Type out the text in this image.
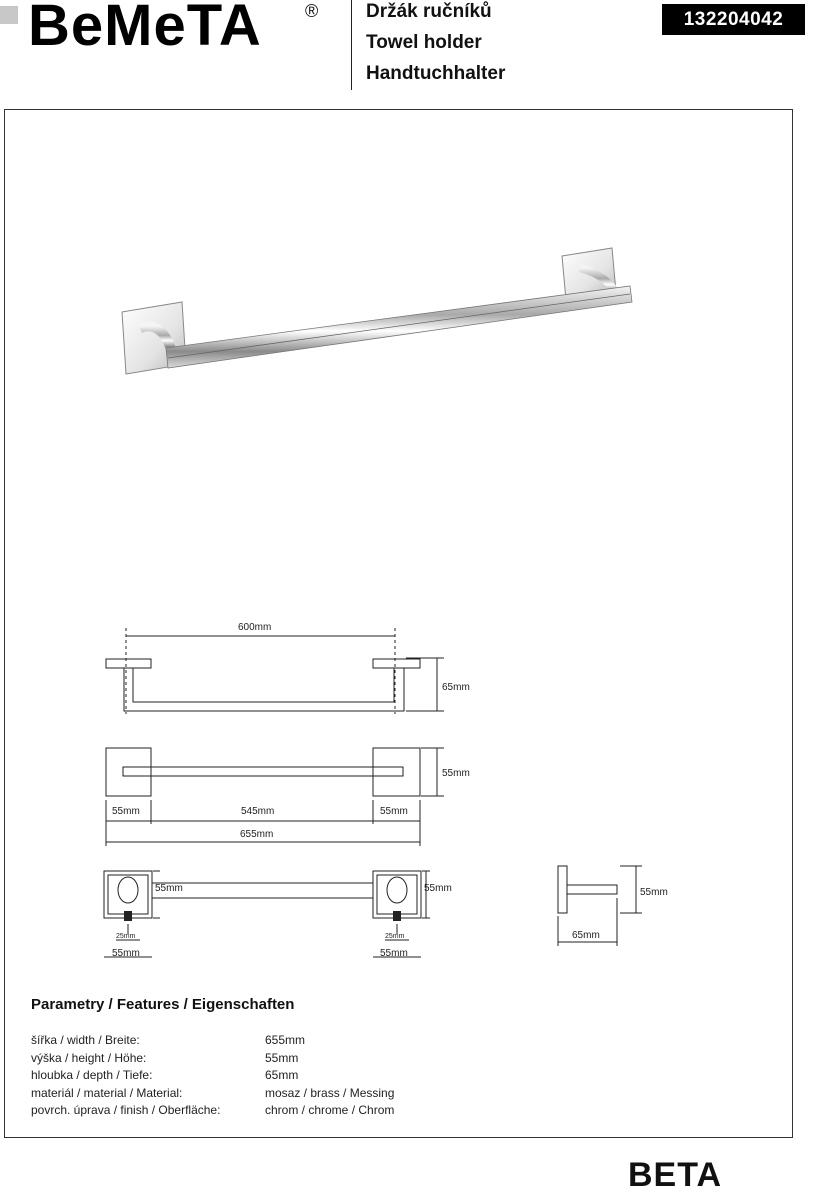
BeMeTA ®	Držák ručníků
Towel holder
Handtuchhalter
132204042
600mm
65mm
55mm
55mm	545mm	55mm
655mm
55mm	55mm
25mm	25mm
55mm	55mm
55mm
65mm
Parametry / Features / Eigenschaften
šířka / width / Breite:	655mm
výška / height / Höhe:	55mm
hloubka / depth / Tiefe:	65mm
materiál / material / Material:	mosaz / brass / Messing
povrch. úprava / finish / Oberfläche:	chrom / chrome / Chrom
BETA
